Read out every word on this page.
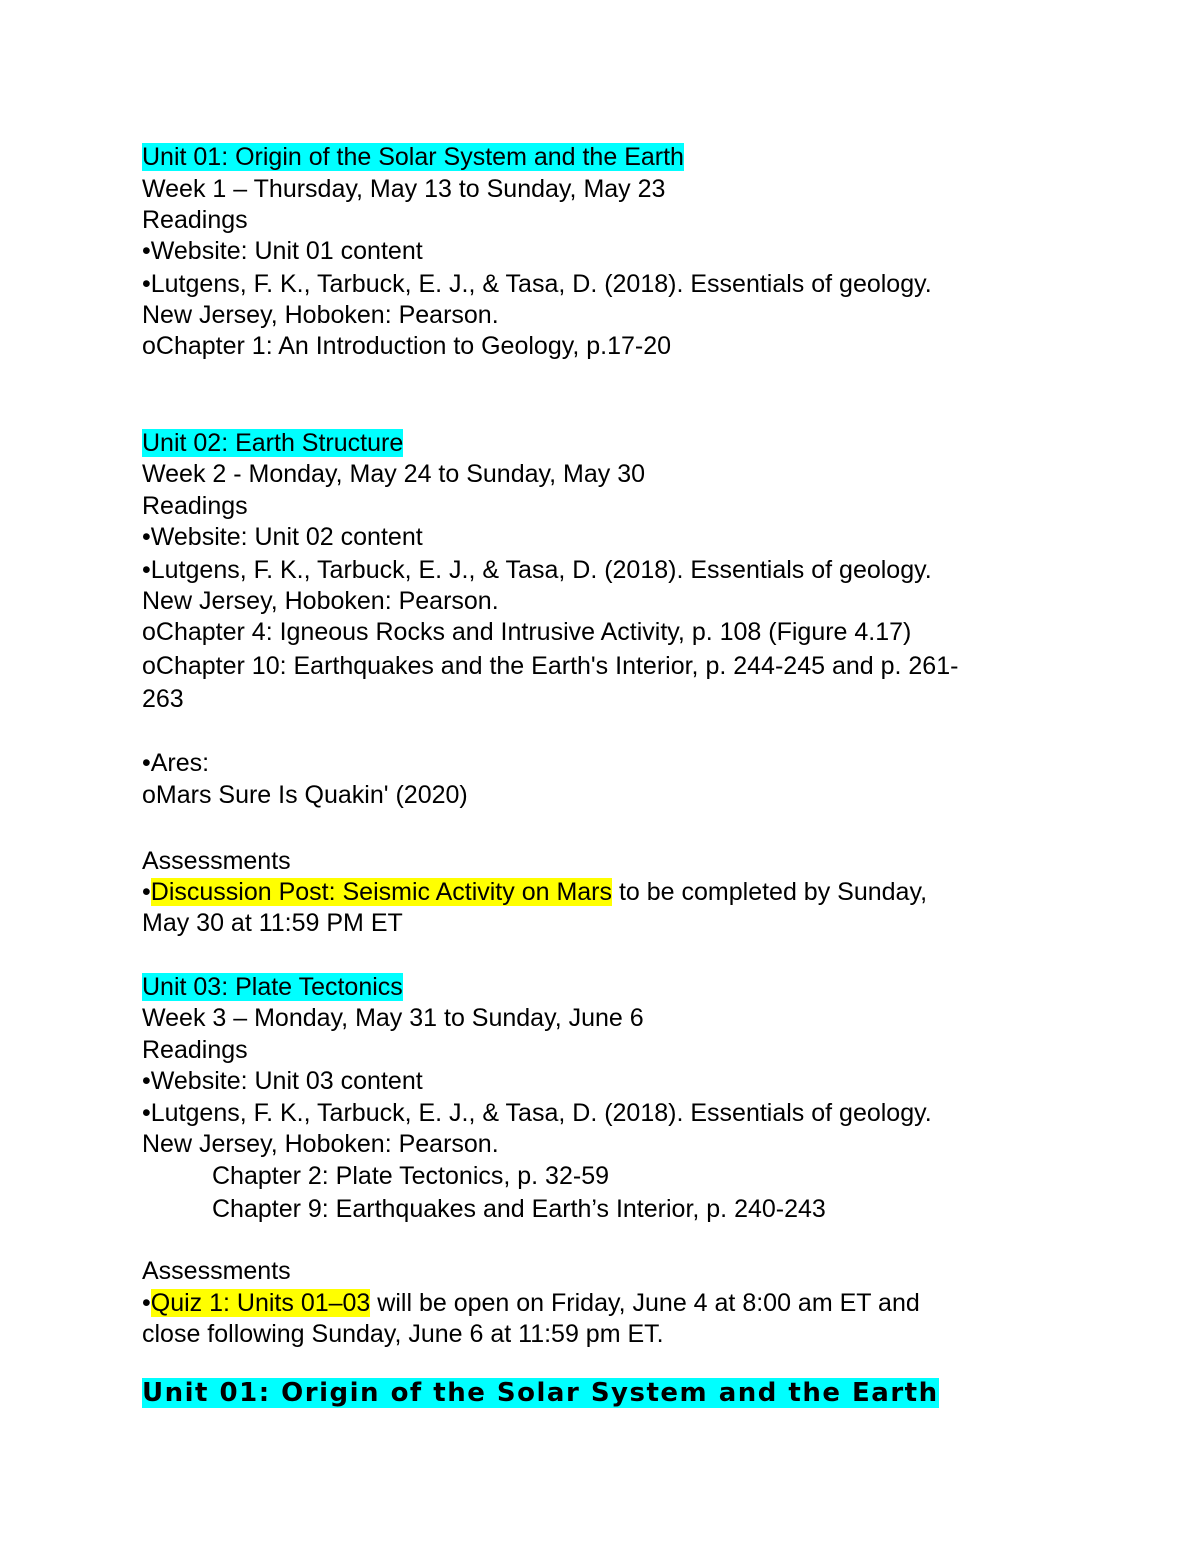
Unit 01: Origin of the Solar System and the Earth
Week 1 – Thursday, May 13 to Sunday, May 23
Readings
•Website: Unit 01 content
•Lutgens, F. K., Tarbuck, E. J., & Tasa, D. (2018). Essentials of geology.
New Jersey, Hoboken: Pearson.
oChapter 1: An Introduction to Geology, p.17-20
Unit 02: Earth Structure
Week 2 - Monday, May 24 to Sunday, May 30
Readings
•Website: Unit 02 content
•Lutgens, F. K., Tarbuck, E. J., & Tasa, D. (2018). Essentials of geology.
New Jersey, Hoboken: Pearson.
oChapter 4: Igneous Rocks and Intrusive Activity, p. 108 (Figure 4.17)
oChapter 10: Earthquakes and the Earth's Interior, p. 244-245 and p. 261-
263
•Ares:
oMars Sure Is Quakin' (2020)
Assessments
•Discussion Post: Seismic Activity on Mars to be completed by Sunday,
May 30 at 11:59 PM ET
Unit 03: Plate Tectonics
Week 3 – Monday, May 31 to Sunday, June 6
Readings
•Website: Unit 03 content
•Lutgens, F. K., Tarbuck, E. J., & Tasa, D. (2018). Essentials of geology.
New Jersey, Hoboken: Pearson.
Chapter 2: Plate Tectonics, p. 32-59
Chapter 9: Earthquakes and Earth’s Interior, p. 240-243
Assessments
•Quiz 1: Units 01–03 will be open on Friday, June 4 at 8:00 am ET and
close following Sunday, June 6 at 11:59 pm ET.
Unit 01: Origin of the Solar System and the Earth
